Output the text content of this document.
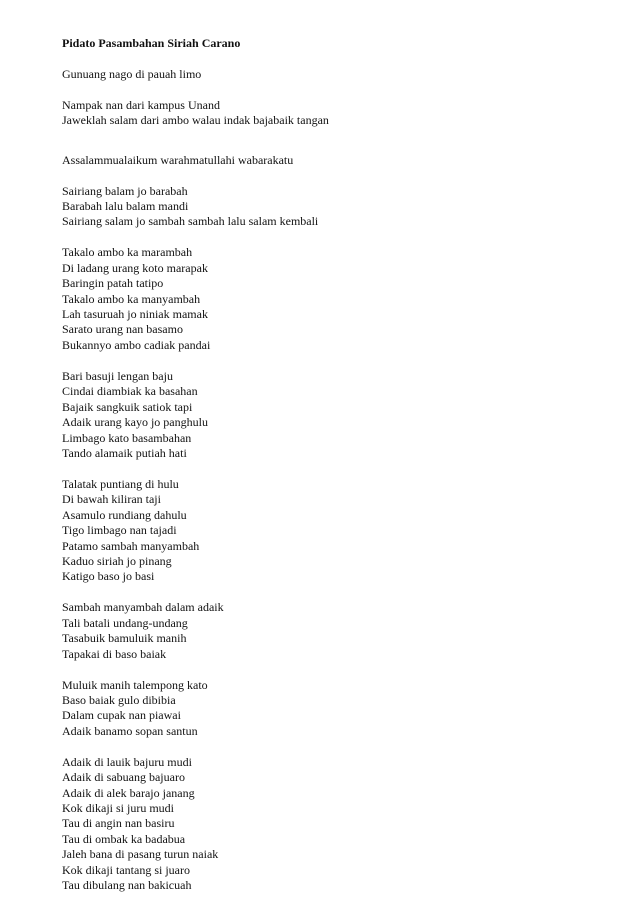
Pidato Pasambahan Siriah Carano
Gunuang nago di pauah limo
Nampak nan dari kampus Unand
Jaweklah salam dari ambo walau indak bajabaik tangan
Assalammualaikum warahmatullahi wabarakatu
Sairiang balam jo barabah
Barabah lalu balam mandi
Sairiang salam jo sambah sambah lalu salam kembali
Takalo ambo ka marambah
Di ladang urang koto marapak
Baringin patah tatipo
Takalo ambo ka manyambah
Lah tasuruah jo niniak mamak
Sarato urang nan basamo
Bukannyo ambo cadiak pandai
Bari basuji lengan baju
Cindai diambiak ka basahan
Bajaik sangkuik satiok tapi
Adaik urang kayo jo panghulu
Limbago kato basambahan
Tando alamaik putiah hati
Talatak puntiang di hulu
Di bawah kiliran taji
Asamulo rundiang dahulu
Tigo limbago nan tajadi
Patamo sambah manyambah
Kaduo siriah jo pinang
Katigo baso jo basi
Sambah manyambah dalam adaik
Tali batali undang-undang
Tasabuik bamuluik manih
Tapakai di baso baiak
Muluik manih talempong kato
Baso baiak gulo dibibia
Dalam cupak nan piawai
Adaik banamo sopan santun
Adaik di lauik bajuru mudi
Adaik di sabuang bajuaro
Adaik di alek barajo janang
Kok dikaji si juru mudi
Tau di angin nan basiru
Tau di ombak ka badabua
Jaleh bana di pasang turun naiak
Kok dikaji tantang si juaro
Tau dibulang nan bakicuah
